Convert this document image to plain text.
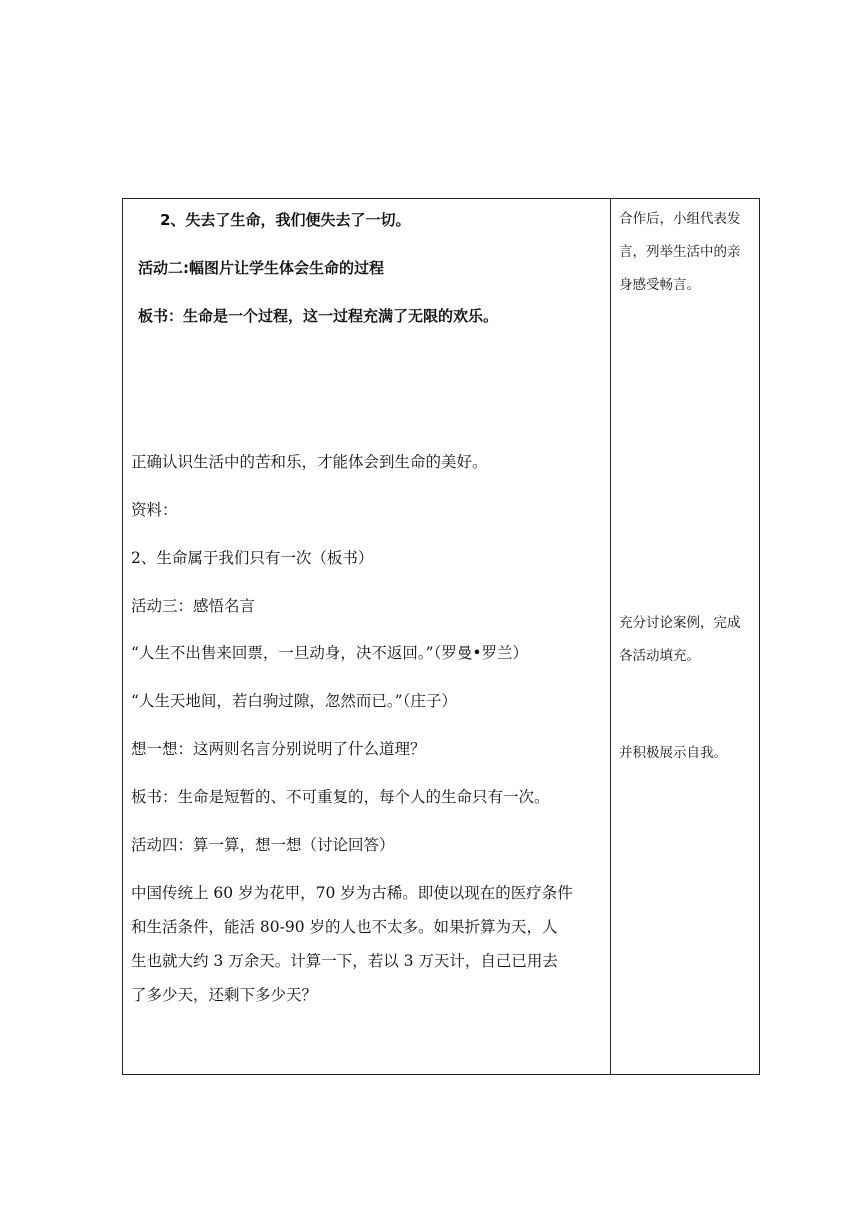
2、失去了生命，我们便失去了一切。
活动二:幅图片让学生体会生命的过程
板书：生命是一个过程，这一过程充满了无限的欢乐。
正确认识生活中的苦和乐，才能体会到生命的美好。
资料：
2、生命属于我们只有一次（板书）
活动三：感悟名言
“人生不出售来回票，一旦动身，决不返回。”（罗曼•罗兰）
“人生天地间，若白驹过隙，忽然而已。”（庄子）
想一想：这两则名言分别说明了什么道理？
板书：生命是短暂的、不可重复的，每个人的生命只有一次。
活动四：算一算，想一想（讨论回答）
中国传统上 60 岁为花甲，70 岁为古稀。即使以现在的医疗条件
和生活条件，能活 80-90 岁的人也不太多。如果折算为天，人
生也就大约 3 万余天。计算一下，若以 3 万天计，自己已用去
了多少天，还剩下多少天？
合作后，小组代表发
言，列举生活中的亲
身感受畅言。
充分讨论案例，完成
各活动填充。
并积极展示自我。
